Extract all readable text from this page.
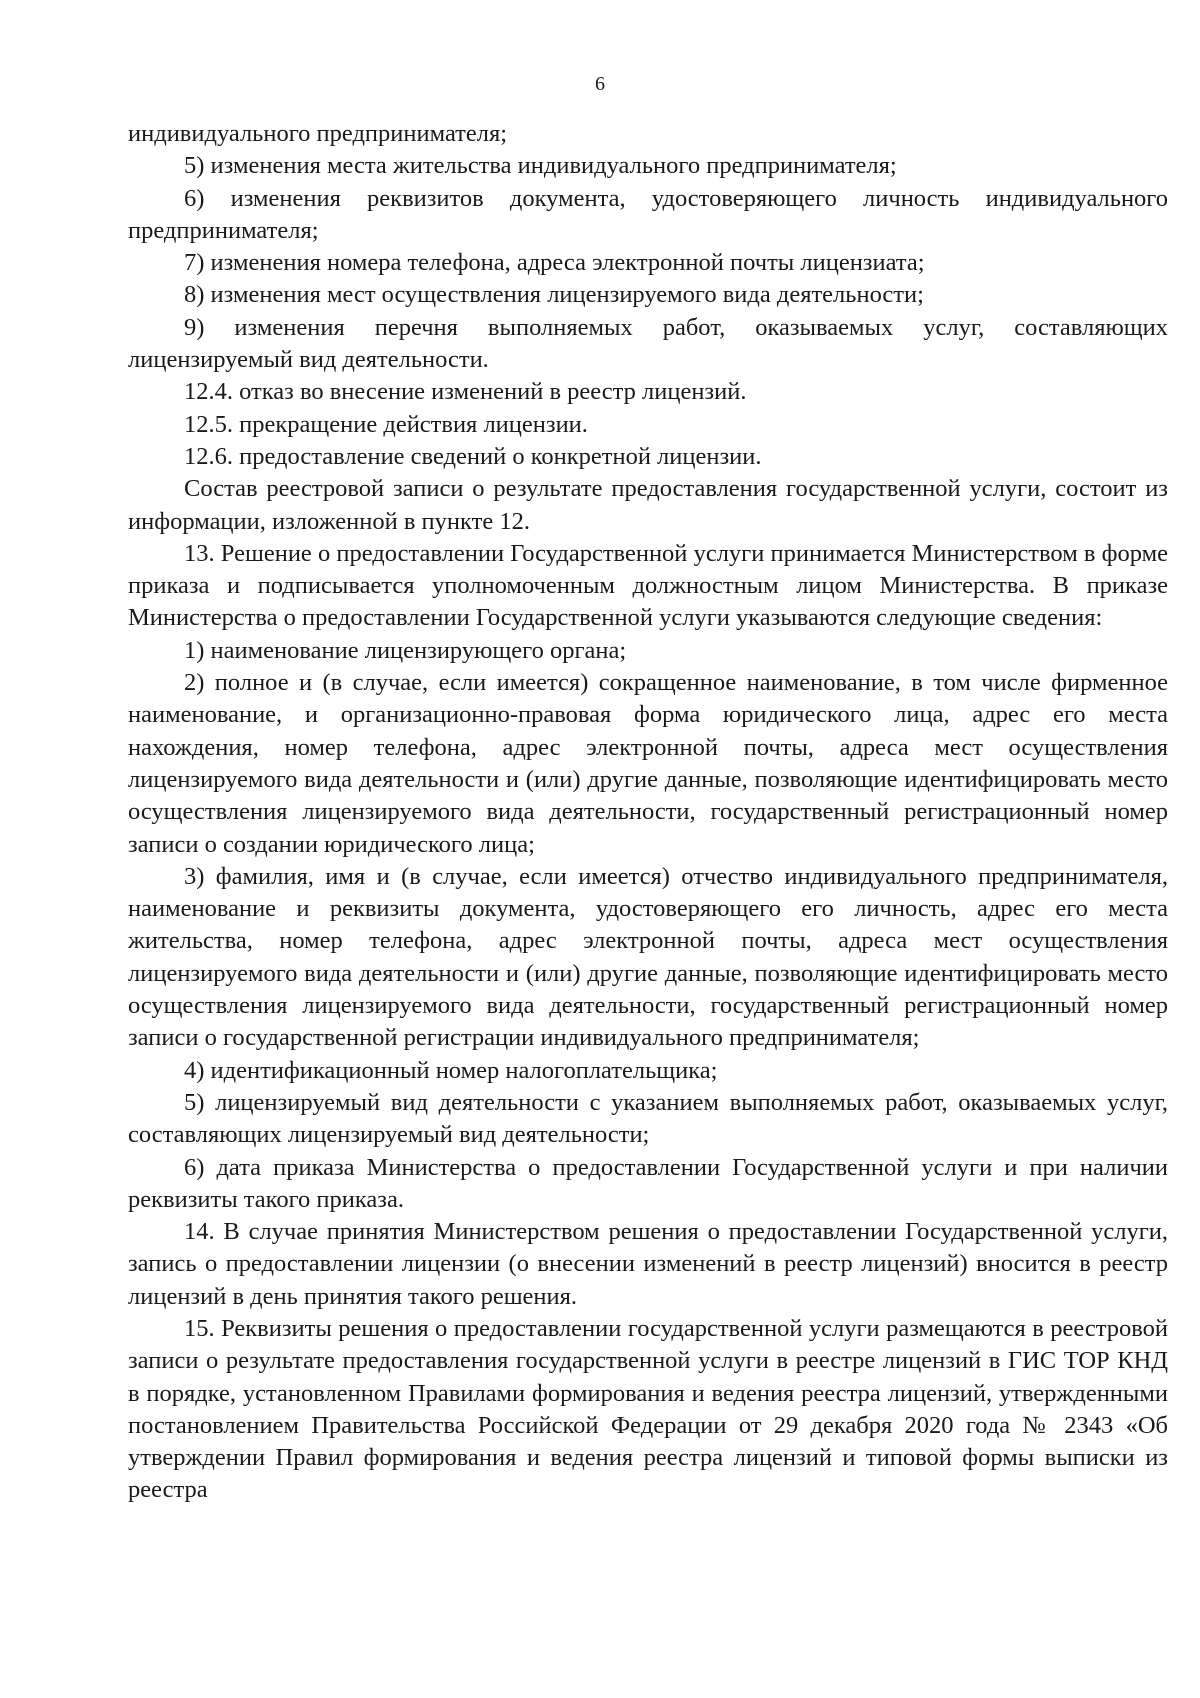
6

индивидуального предпринимателя;

5) изменения места жительства индивидуального предпринимателя;

6) изменения реквизитов документа, удостоверяющего личность индивидуального предпринимателя;

7) изменения номера телефона, адреса электронной почты лицензиата;

8) изменения мест осуществления лицензируемого вида деятельности;

9) изменения перечня выполняемых работ, оказываемых услуг, составляющих лицензируемый вид деятельности.

12.4. отказ во внесение изменений в реестр лицензий.

12.5. прекращение действия лицензии.

12.6. предоставление сведений о конкретной лицензии.

Состав реестровой записи о результате предоставления государственной услуги, состоит из информации, изложенной в пункте 12.

13. Решение о предоставлении Государственной услуги принимается Министерством в форме приказа и подписывается уполномоченным должностным лицом Министерства. В приказе Министерства о предоставлении Государственной услуги указываются следующие сведения:

1) наименование лицензирующего органа;

2) полное и (в случае, если имеется) сокращенное наименование, в том числе фирменное наименование, и организационно-правовая форма юридического лица, адрес его места нахождения, номер телефона, адрес электронной почты, адреса мест осуществления лицензируемого вида деятельности и (или) другие данные, позволяющие идентифицировать место осуществления лицензируемого вида деятельности, государственный регистрационный номер записи о создании юридического лица;

3) фамилия, имя и (в случае, если имеется) отчество индивидуального предпринимателя, наименование и реквизиты документа, удостоверяющего его личность, адрес его места жительства, номер телефона, адрес электронной почты, адреса мест осуществления лицензируемого вида деятельности и (или) другие данные, позволяющие идентифицировать место осуществления лицензируемого вида деятельности, государственный регистрационный номер записи о государственной регистрации индивидуального предпринимателя;

4) идентификационный номер налогоплательщика;

5) лицензируемый вид деятельности с указанием выполняемых работ, оказываемых услуг, составляющих лицензируемый вид деятельности;

6) дата приказа Министерства о предоставлении Государственной услуги и при наличии реквизиты такого приказа.

14. В случае принятия Министерством решения о предоставлении Государственной услуги, запись о предоставлении лицензии (о внесении изменений в реестр лицензий) вносится в реестр лицензий в день принятия такого решения.

15. Реквизиты решения о предоставлении государственной услуги размещаются в реестровой записи о результате предоставления государственной услуги в реестре лицензий в ГИС ТОР КНД в порядке, установленном Правилами формирования и ведения реестра лицензий, утвержденными постановлением Правительства Российской Федерации от 29 декабря 2020 года № 2343 «Об утверждении Правил формирования и ведения реестра лицензий и типовой формы выписки из реестра
